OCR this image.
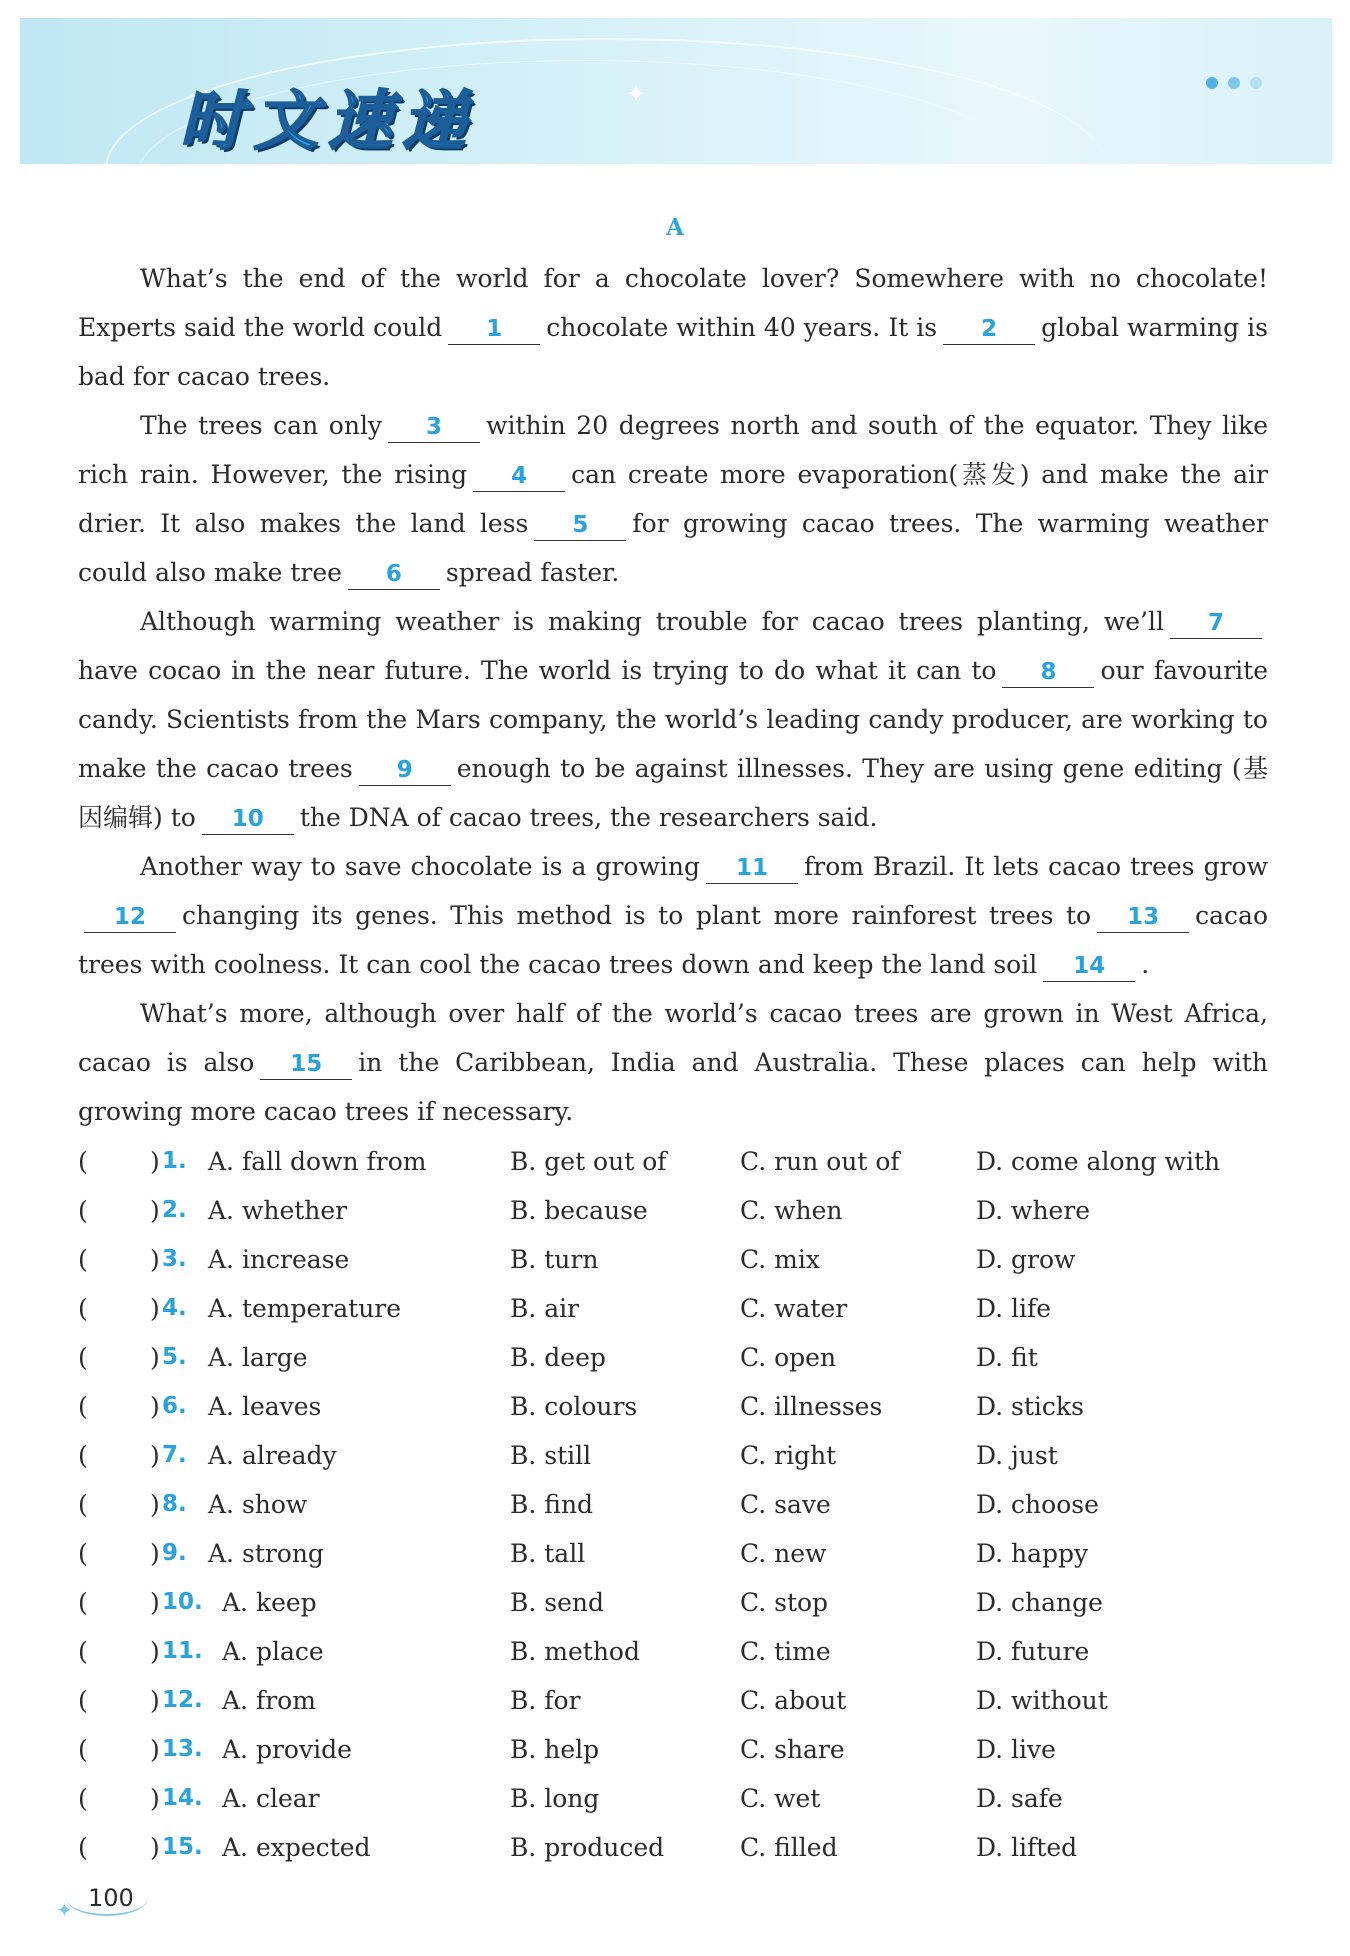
✦
时文速递
A

What’s the end of the world for a chocolate lover? Somewhere with no chocolate! Experts said the world could 1 chocolate within 40 years. It is 2 global warming is bad for cacao trees.

The trees can only 3 within 20 degrees north and south of the equator. They like rich rain. However, the rising 4 can create more evaporation(蒸发) and make the air drier. It also makes the land less 5 for growing cacao trees. The warming weather could also make tree 6 spread faster.

Although warming weather is making trouble for cacao trees planting, we’ll 7have cocao in the near future. The world is trying to do what it can to 8 our favourite candy. Scientists from the Mars company, the world’s leading candy producer, are working to make the cacao trees 9 enough to be against illnesses. They are using gene editing (基因编辑) to 10 the DNA of cacao trees, the researchers said.

Another way to save chocolate is a growing 11 from Brazil. It lets cacao trees grow12 changing its genes. This method is to plant more rainforest trees to 13 cacao trees with coolness. It can cool the cacao trees down and keep the land soil 14 .

What’s more, although over half of the world’s cacao trees are grown in West Africa, cacao is also 15 in the Caribbean, India and Australia. These places can help with growing more cacao trees if necessary.

( ) 1. A. fall down from	B. get out of	C. run out of	D. come along with
( ) 2. A. whether	B. because	C. when	D. where
( ) 3. A. increase	B. turn	C. mix	D. grow
( ) 4. A. temperature	B. air	C. water	D. life
( ) 5. A. large	B. deep	C. open	D. fit
( ) 6. A. leaves	B. colours	C. illnesses	D. sticks
( ) 7. A. already	B. still	C. right	D. just
( ) 8. A. show	B. find	C. save	D. choose
( ) 9. A. strong	B. tall	C. new	D. happy
( ) 10. A. keep	B. send	C. stop	D. change
( ) 11. A. place	B. method	C. time	D. future
( ) 12. A. from	B. for	C. about	D. without
( ) 13. A. provide	B. help	C. share	D. live
( ) 14. A. clear	B. long	C. wet	D. safe
( ) 15. A. expected	B. produced	C. filled	D. lifted
✦ 100
